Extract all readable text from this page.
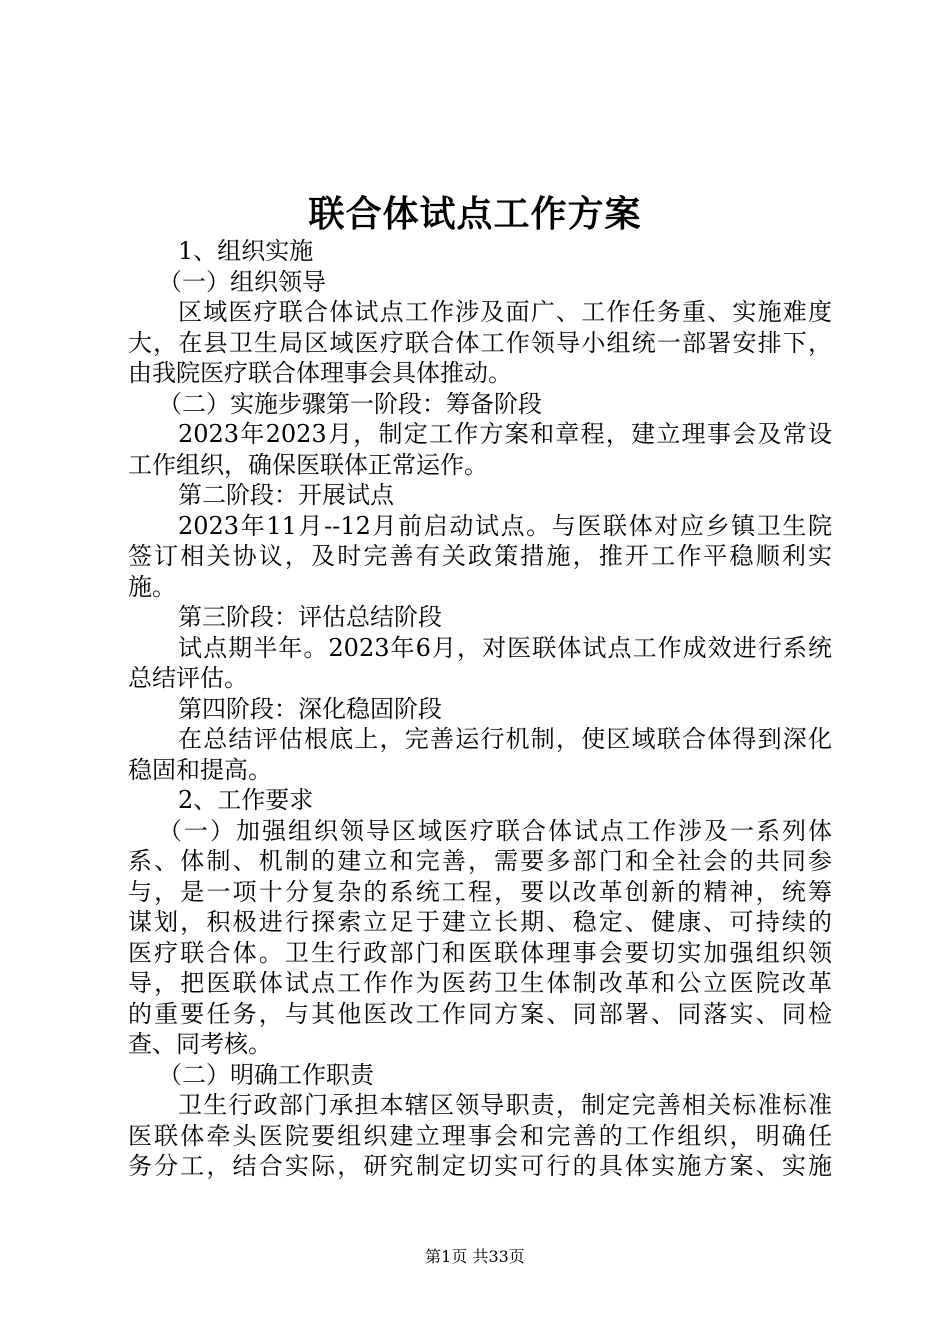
联合体试点工作方案
1、组织实施
（一）组织领导
区域医疗联合体试点工作涉及面广、工作任务重、实施难度
大，在县卫生局区域医疗联合体工作领导小组统一部署安排下，
由我院医疗联合体理事会具体推动。
（二）实施步骤第一阶段：筹备阶段
2023年2023月，制定工作方案和章程，建立理事会及常设
工作组织，确保医联体正常运作。
第二阶段：开展试点
2023年11月--12月前启动试点。与医联体对应乡镇卫生院
签订相关协议，及时完善有关政策措施，推开工作平稳顺利实
施。
第三阶段：评估总结阶段
试点期半年。2023年6月，对医联体试点工作成效进行系统
总结评估。
第四阶段：深化稳固阶段
在总结评估根底上，完善运行机制，使区域联合体得到深化
稳固和提高。
2、工作要求
（一）加强组织领导区域医疗联合体试点工作涉及一系列体
系、体制、机制的建立和完善，需要多部门和全社会的共同参
与，是一项十分复杂的系统工程，要以改革创新的精神，统筹
谋划，积极进行探索立足于建立长期、稳定、健康、可持续的
医疗联合体。卫生行政部门和医联体理事会要切实加强组织领
导，把医联体试点工作作为医药卫生体制改革和公立医院改革
的重要任务，与其他医改工作同方案、同部署、同落实、同检
查、同考核。
（二）明确工作职责
卫生行政部门承担本辖区领导职责，制定完善相关标准标准
医联体牵头医院要组织建立理事会和完善的工作组织，明确任
务分工，结合实际，研究制定切实可行的具体实施方案、实施
第1页 共33页
